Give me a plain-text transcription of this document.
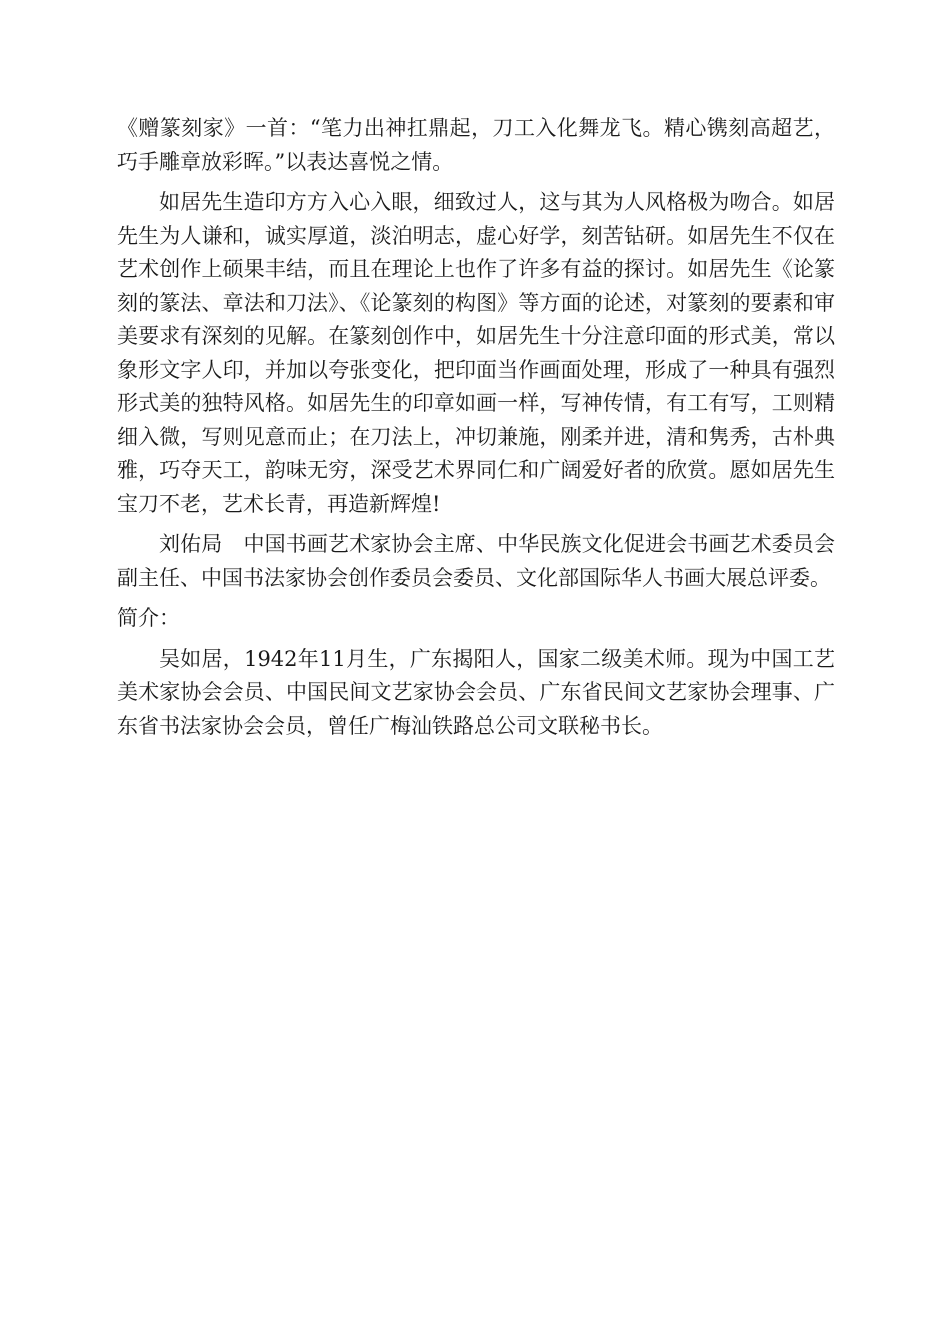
《赠篆刻家》一首：“笔力出神扛鼎起，刀工入化舞龙飞。精心镌刻高超艺，巧手雕章放彩晖。”以表达喜悦之情。

如居先生造印方方入心入眼，细致过人，这与其为人风格极为吻合。如居先生为人谦和，诚实厚道，淡泊明志，虚心好学，刻苦钻研。如居先生不仅在艺术创作上硕果丰结，而且在理论上也作了许多有益的探讨。如居先生《论篆刻的篆法、章法和刀法》、《论篆刻的构图》等方面的论述，对篆刻的要素和审美要求有深刻的见解。在篆刻创作中，如居先生十分注意印面的形式美，常以象形文字人印，并加以夸张变化，把印面当作画面处理，形成了一种具有强烈形式美的独特风格。如居先生的印章如画一样，写神传情，有工有写，工则精细入微，写则见意而止；在刀法上，冲切兼施，刚柔并进，清和隽秀，古朴典雅，巧夺天工，韵味无穷，深受艺术界同仁和广阔爱好者的欣赏。愿如居先生宝刀不老，艺术长青，再造新辉煌!

刘佑局　中国书画艺术家协会主席、中华民族文化促进会书画艺术委员会副主任、中国书法家协会创作委员会委员、文化部国际华人书画大展总评委。

简介：

吴如居，1942年11月生，广东揭阳人，国家二级美术师。现为中国工艺美术家协会会员、中国民间文艺家协会会员、广东省民间文艺家协会理事、广东省书法家协会会员，曾任广梅汕铁路总公司文联秘书长。
